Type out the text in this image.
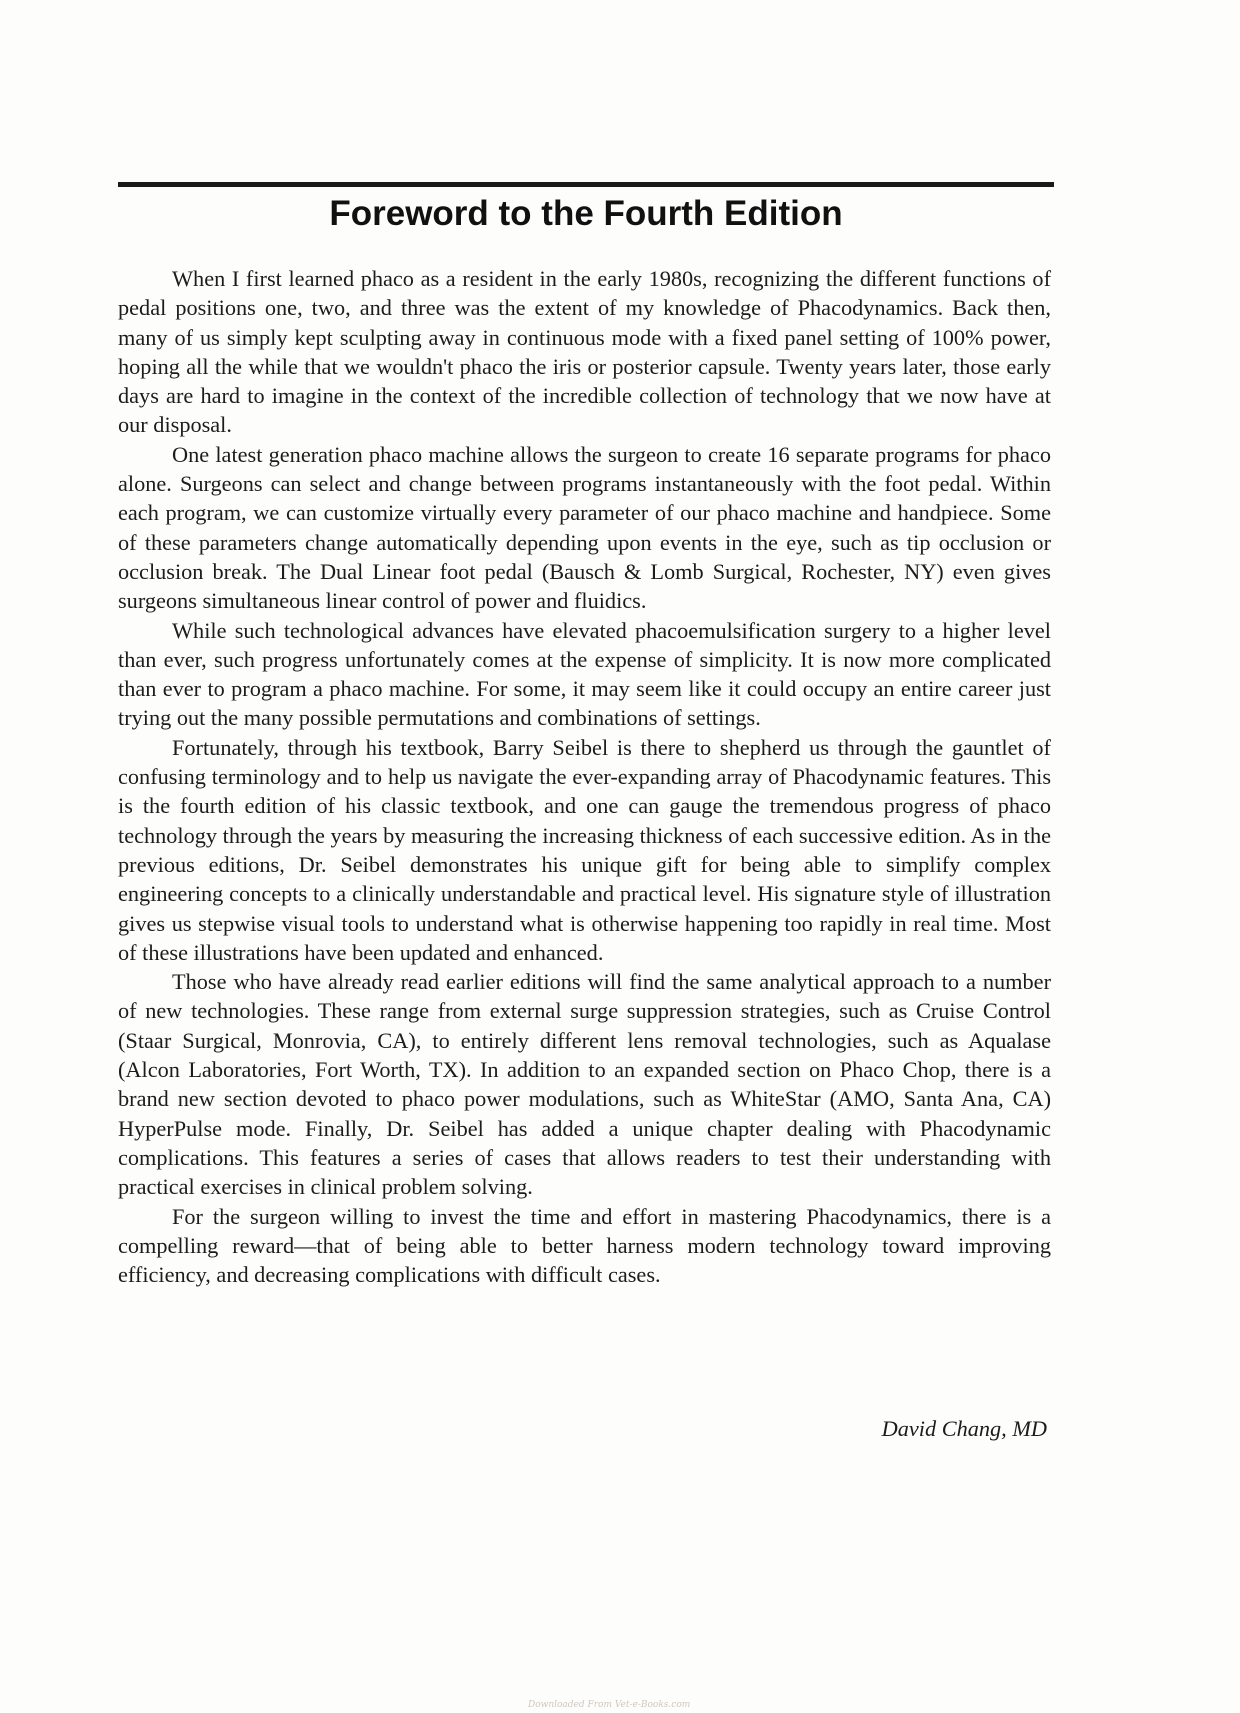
Foreword to the Fourth Edition

When I first learned phaco as a resident in the early 1980s, recognizing the different functions of pedal positions one, two, and three was the extent of my knowledge of Phacodynamics. Back then, many of us simply kept sculpting away in continuous mode with a fixed panel setting of 100% power, hoping all the while that we wouldn't phaco the iris or posterior capsule. Twenty years later, those early days are hard to imagine in the context of the incredible collection of technology that we now have at our disposal.

One latest generation phaco machine allows the surgeon to create 16 separate programs for phaco alone. Surgeons can select and change between programs instantaneously with the foot pedal. Within each program, we can customize virtually every parameter of our phaco machine and handpiece. Some of these parameters change automatically depending upon events in the eye, such as tip occlusion or occlusion break. The Dual Linear foot pedal (Bausch & Lomb Surgical, Rochester, NY) even gives surgeons simultaneous linear control of power and fluidics.

While such technological advances have elevated phacoemulsification surgery to a higher level than ever, such progress unfortunately comes at the expense of simplicity. It is now more complicated than ever to program a phaco machine. For some, it may seem like it could occupy an entire career just trying out the many possible permutations and combinations of settings.

Fortunately, through his textbook, Barry Seibel is there to shepherd us through the gauntlet of confusing terminology and to help us navigate the ever-expanding array of Phacodynamic features. This is the fourth edition of his classic textbook, and one can gauge the tremendous progress of phaco technology through the years by measuring the increasing thickness of each successive edition. As in the previous editions, Dr. Seibel demonstrates his unique gift for being able to simplify complex engineering concepts to a clinically understandable and practical level. His signature style of illustration gives us stepwise visual tools to understand what is otherwise happening too rapidly in real time. Most of these illustrations have been updated and enhanced.

Those who have already read earlier editions will find the same analytical approach to a number of new technologies. These range from external surge suppression strategies, such as Cruise Control (Staar Surgical, Monrovia, CA), to entirely different lens removal technologies, such as Aqualase (Alcon Laboratories, Fort Worth, TX). In addition to an expanded section on Phaco Chop, there is a brand new section devoted to phaco power modulations, such as WhiteStar (AMO, Santa Ana, CA) HyperPulse mode. Finally, Dr. Seibel has added a unique chapter dealing with Phacodynamic complications. This features a series of cases that allows readers to test their understanding with practical exercises in clinical problem solving.

For the surgeon willing to invest the time and effort in mastering Phacodynamics, there is a compelling reward—that of being able to better harness modern technology toward improving efficiency, and decreasing complications with difficult cases.

David Chang, MD

Downloaded From Vet-e-Books.com
